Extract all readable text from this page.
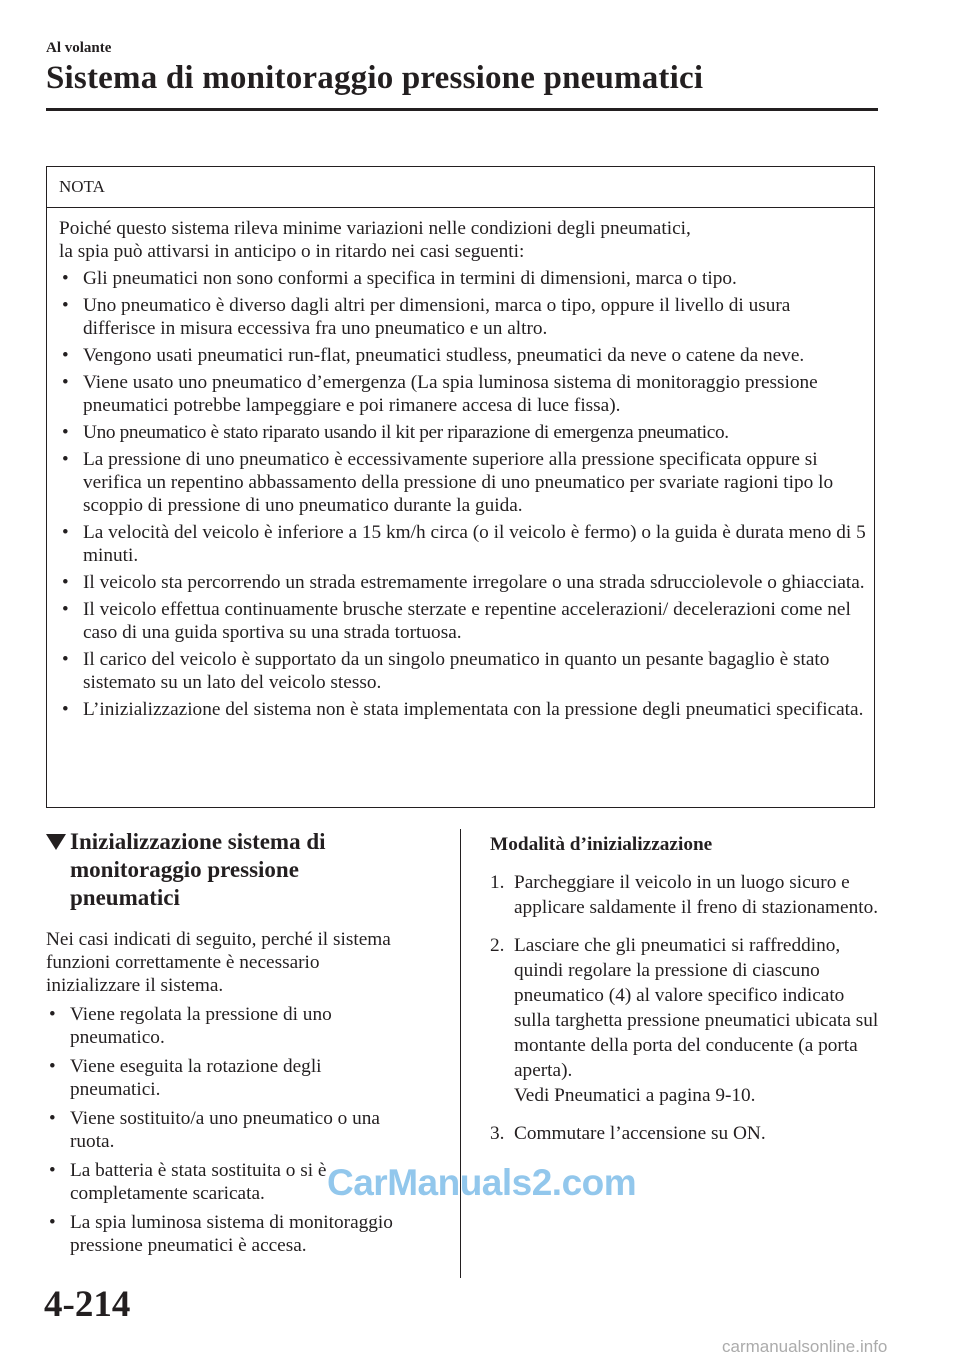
Al volante
Sistema di monitoraggio pressione pneumatici
NOTA

Poiché questo sistema rileva minime variazioni nelle condizioni degli pneumatici,

la spia può attivarsi in anticipo o in ritardo nei casi seguenti:

• Gli pneumatici non sono conformi a specifica in termini di dimensioni, marca o tipo.
• Uno pneumatico è diverso dagli altri per dimensioni, marca o tipo, oppure il livello di usura differisce in misura eccessiva fra uno pneumatico e un altro.
• Vengono usati pneumatici run-flat, pneumatici studless, pneumatici da neve o catene da neve.
• Viene usato uno pneumatico d’emergenza (La spia luminosa sistema di monitoraggio pressione pneumatici potrebbe lampeggiare e poi rimanere accesa di luce fissa).
• Uno pneumatico è stato riparato usando il kit per riparazione di emergenza pneumatico.
• La pressione di uno pneumatico è eccessivamente superiore alla pressione specificata oppure si verifica un repentino abbassamento della pressione di uno pneumatico per svariate ragioni tipo lo scoppio di pressione di uno pneumatico durante la guida.
• La velocità del veicolo è inferiore a 15 km/h circa (o il veicolo è fermo) o la guida è durata meno di 5 minuti.
• Il veicolo sta percorrendo un strada estremamente irregolare o una strada sdrucciolevole o ghiacciata.
• Il veicolo effettua continuamente brusche sterzate e repentine accelerazioni/ decelerazioni come nel caso di una guida sportiva su una strada tortuosa.
• Il carico del veicolo è supportato da un singolo pneumatico in quanto un pesante bagaglio è stato sistemato su un lato del veicolo stesso.
• L’inizializzazione del sistema non è stata implementata con la pressione degli pneumatici specificata.
Inizializzazione sistema di monitoraggio pressione pneumatici

Nei casi indicati di seguito, perché il sistema funzioni correttamente è necessario inizializzare il sistema.

• Viene regolata la pressione di uno pneumatico.
• Viene eseguita la rotazione degli pneumatici.
• Viene sostituito/a uno pneumatico o una ruota.
• La batteria è stata sostituita o si è completamente scaricata.
• La spia luminosa sistema di monitoraggio pressione pneumatici è accesa.
Modalità d’inizializzazione
1. Parcheggiare il veicolo in un luogo sicuro e applicare saldamente il freno di stazionamento.
2. Lasciare che gli pneumatici si raffreddino, quindi regolare la pressione di ciascuno pneumatico (4) al valore specifico indicato sulla targhetta pressione pneumatici ubicata sul montante della porta del conducente (a porta aperta).
Vedi Pneumatici a pagina 9-10.
3. Commutare l’accensione su ON.
4-214
CarManuals2.com
carmanualsonline.info
